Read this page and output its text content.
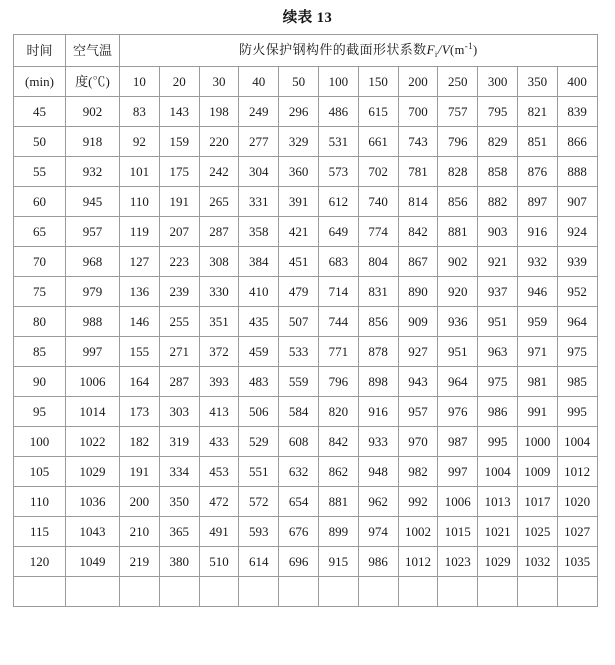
续表 13
时间	空气温	防火保护钢构件的截面形状系数$F_i/V(m^{-1})$											
(min)	度(℃)	10	20	30	40	50	100	150	200	250	300	350	400
45	902	83	143	198	249	296	486	615	700	757	795	821	839
50	918	92	159	220	277	329	531	661	743	796	829	851	866
55	932	101	175	242	304	360	573	702	781	828	858	876	888
60	945	110	191	265	331	391	612	740	814	856	882	897	907
65	957	119	207	287	358	421	649	774	842	881	903	916	924
70	968	127	223	308	384	451	683	804	867	902	921	932	939
75	979	136	239	330	410	479	714	831	890	920	937	946	952
80	988	146	255	351	435	507	744	856	909	936	951	959	964
85	997	155	271	372	459	533	771	878	927	951	963	971	975
90	1006	164	287	393	483	559	796	898	943	964	975	981	985
95	1014	173	303	413	506	584	820	916	957	976	986	991	995
100	1022	182	319	433	529	608	842	933	970	987	995	1000	1004
105	1029	191	334	453	551	632	862	948	982	997	1004	1009	1012
110	1036	200	350	472	572	654	881	962	992	1006	1013	1017	1020
115	1043	210	365	491	593	676	899	974	1002	1015	1021	1025	1027
120	1049	219	380	510	614	696	915	986	1012	1023	1029	1032	1035
